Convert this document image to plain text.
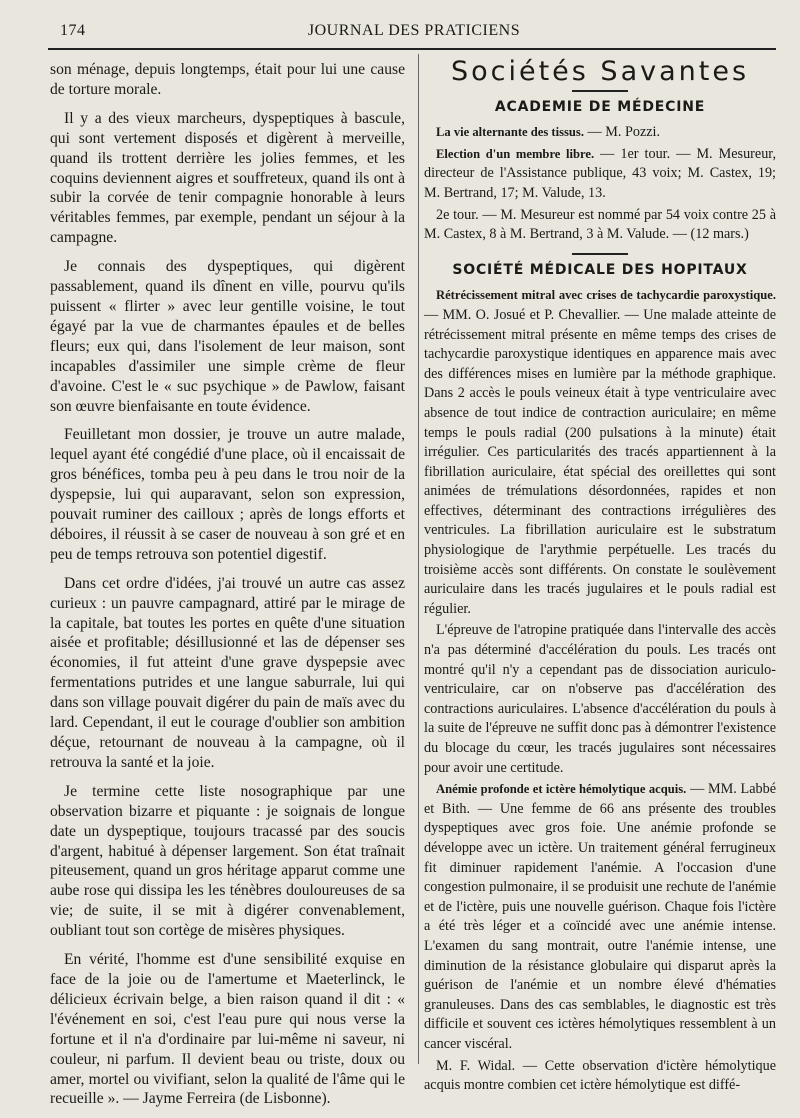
174	JOURNAL DES PRATICIENS

son ménage, depuis longtemps, était pour lui une cause de torture morale.

Il y a des vieux marcheurs, dyspeptiques à bascule, qui sont vertement disposés et digèrent à merveille, quand ils trottent derrière les jolies femmes, et les coquins deviennent aigres et souffreteux, quand ils ont à subir la corvée de tenir compagnie honorable à leurs véritables femmes, par exemple, pendant un séjour à la campagne.

Je connais des dyspeptiques, qui digèrent passablement, quand ils dînent en ville, pourvu qu'ils puissent « flirter » avec leur gentille voisine, le tout égayé par la vue de charmantes épaules et de belles fleurs; eux qui, dans l'isolement de leur maison, sont incapables d'assimiler une simple crème de fleur d'avoine. C'est le « suc psychique » de Pawlow, faisant son œuvre bienfaisante en toute évidence.

Feuilletant mon dossier, je trouve un autre malade, lequel ayant été congédié d'une place, où il encaissait de gros bénéfices, tomba peu à peu dans le trou noir de la dyspepsie, lui qui auparavant, selon son expression, pouvait ruminer des cailloux ; après de longs efforts et déboires, il réussit à se caser de nouveau à son gré et en peu de temps retrouva son potentiel digestif.

Dans cet ordre d'idées, j'ai trouvé un autre cas assez curieux : un pauvre campagnard, attiré par le mirage de la capitale, bat toutes les portes en quête d'une situation aisée et profitable; désillusionné et las de dépenser ses économies, il fut atteint d'une grave dyspepsie avec fermentations putrides et une langue saburrale, lui qui dans son village pouvait digérer du pain de maïs avec du lard. Cependant, il eut le courage d'oublier son ambition déçue, retournant de nouveau à la campagne, où il retrouva la santé et la joie.

Je termine cette liste nosographique par une observation bizarre et piquante : je soignais de longue date un dyspeptique, toujours tracassé par des soucis d'argent, habitué à dépenser largement. Son état traînait piteusement, quand un gros héritage apparut comme une aube rose qui dissipa les les ténèbres douloureuses de sa vie; de suite, il se mit à digérer convenablement, oubliant tout son cortège de misères physiques.

En vérité, l'homme est d'une sensibilité exquise en face de la joie ou de l'amertume et Maeterlinck, le délicieux écrivain belge, a bien raison quand il dit : « l'événement en soi, c'est l'eau pure qui nous verse la fortune et il n'a d'ordinaire par lui-même ni saveur, ni couleur, ni parfum. Il devient beau ou triste, doux ou amer, mortel ou vivifiant, selon la qualité de l'âme qui le recueille ». — Jayme Ferreira (de Lisbonne).

Sociétés Savantes
ACADEMIE DE MÉDECINE

La vie alternante des tissus. — M. Pozzi.

Election d'un membre libre. — 1er tour. — M. Mesureur, directeur de l'Assistance publique, 43 voix; M. Castex, 19; M. Bertrand, 17; M. Valude, 13.

2e tour. — M. Mesureur est nommé par 54 voix contre 25 à M. Castex, 8 à M. Bertrand, 3 à M. Valude. — (12 mars.)

SOCIÉTÉ MÉDICALE DES HOPITAUX

Rétrécissement mitral avec crises de tachycardie paroxystique. — MM. O. Josué et P. Chevallier. — Une malade atteinte de rétrécissement mitral présente en même temps des crises de tachycardie paroxystique identiques en apparence mais avec des différences mises en lumière par la méthode graphique. Dans 2 accès le pouls veineux était à type ventriculaire avec absence de tout indice de contraction auriculaire; en même temps le pouls radial (200 pulsations à la minute) était irrégulier. Ces particularités des tracés appartiennent à la fibrillation auriculaire, état spécial des oreillettes qui sont animées de trémulations désordonnées, rapides et non effectives, déterminant des contractions irrégulières des ventricules. La fibrillation auriculaire est le substratum physiologique de l'arythmie perpétuelle. Les tracés du troisième accès sont différents. On constate le soulèvement auriculaire dans les tracés jugulaires et le pouls radial est régulier.

L'épreuve de l'atropine pratiquée dans l'intervalle des accès n'a pas déterminé d'accélération du pouls. Les tracés ont montré qu'il n'y a cependant pas de dissociation auriculo-ventriculaire, car on n'observe pas d'accélération des contractions auriculaires. L'absence d'accélération du pouls à la suite de l'épreuve ne suffit donc pas à démontrer l'existence du blocage du cœur, les tracés jugulaires sont nécessaires pour avoir une certitude.

Anémie profonde et ictère hémolytique acquis. — MM. Labbé et Bith. — Une femme de 66 ans présente des troubles dyspeptiques avec gros foie. Une anémie profonde se développe avec un ictère. Un traitement général ferrugineux fit diminuer rapidement l'anémie. A l'occasion d'une congestion pulmonaire, il se produisit une rechute de l'anémie et de l'ictère, puis une nouvelle guérison. Chaque fois l'ictère a été très léger et a coïncidé avec une anémie intense. L'examen du sang montrait, outre l'anémie intense, une diminution de la résistance globulaire qui disparut après la guérison de l'anémie et un nombre élevé d'hématies granuleuses. Dans des cas semblables, le diagnostic est très difficile et souvent ces ictères hémolytiques ressemblent à un cancer viscéral.

M. F. Widal. — Cette observation d'ictère hémolytique acquis montre combien cet ictère hémolytique est diffé-
